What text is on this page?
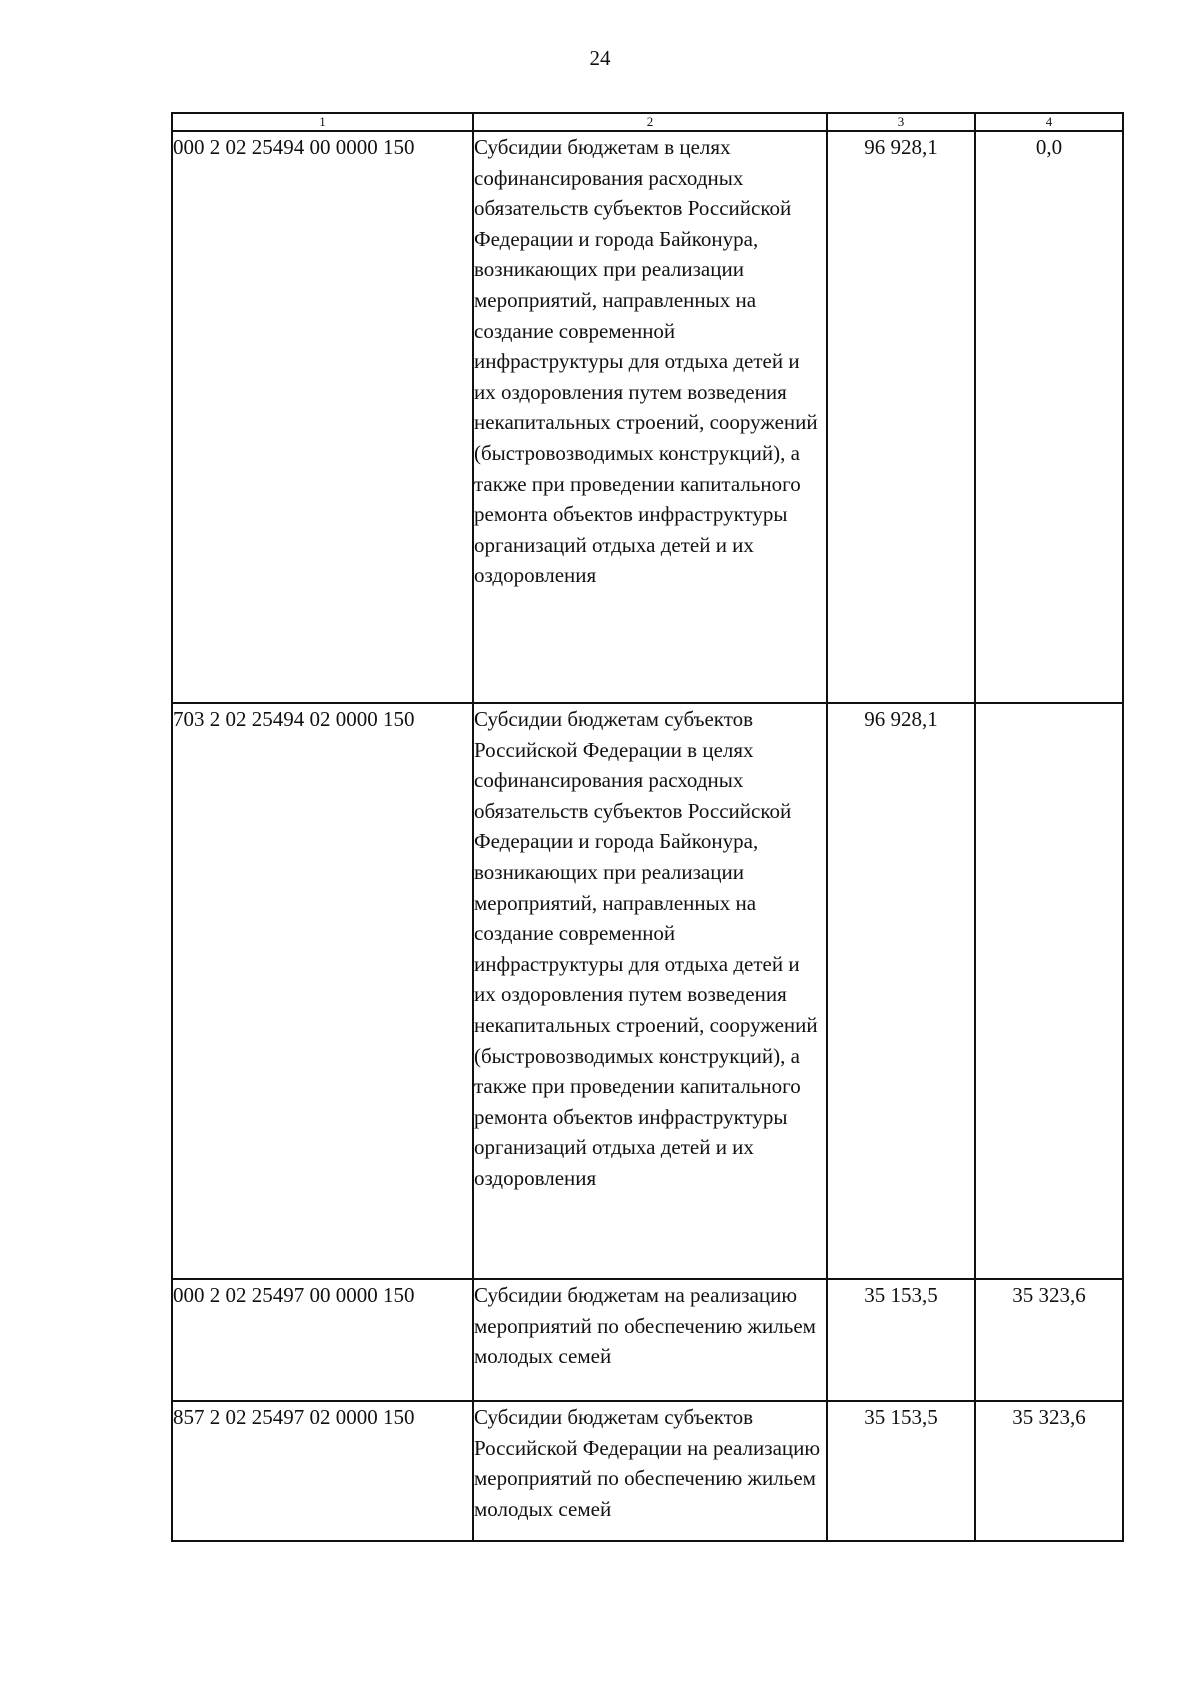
24
1	2	3	4
000 2 02 25494 00 0000 150	Субсидии бюджетам в целях софинансирования расходных обязательств субъектов Российской Федерации и города Байконура, возникающих при реализации мероприятий, направленных на создание современной инфраструктуры для отдыха детей и их оздоровления путем возведения некапитальных строений, сооружений (быстровозводимых конструкций), а также при проведении капитального ремонта объектов инфраструктуры организаций отдыха детей и их оздоровления	96 928,1	0,0
703 2 02 25494 02 0000 150	Субсидии бюджетам субъектов Российской Федерации в целях софинансирования расходных обязательств субъектов Российской Федерации и города Байконура, возникающих при реализации мероприятий, направленных на создание современной инфраструктуры для отдыха детей и их оздоровления путем возведения некапитальных строений, сооружений (быстровозводимых конструкций), а также при проведении капитального ремонта объектов инфраструктуры организаций отдыха детей и их оздоровления	96 928,1	
000 2 02 25497 00 0000 150	Субсидии бюджетам на реализацию мероприятий по обеспечению жильем молодых семей	35 153,5	35 323,6
857 2 02 25497 02 0000 150	Субсидии бюджетам субъектов Российской Федерации на реализацию мероприятий по обеспечению жильем молодых семей	35 153,5	35 323,6
